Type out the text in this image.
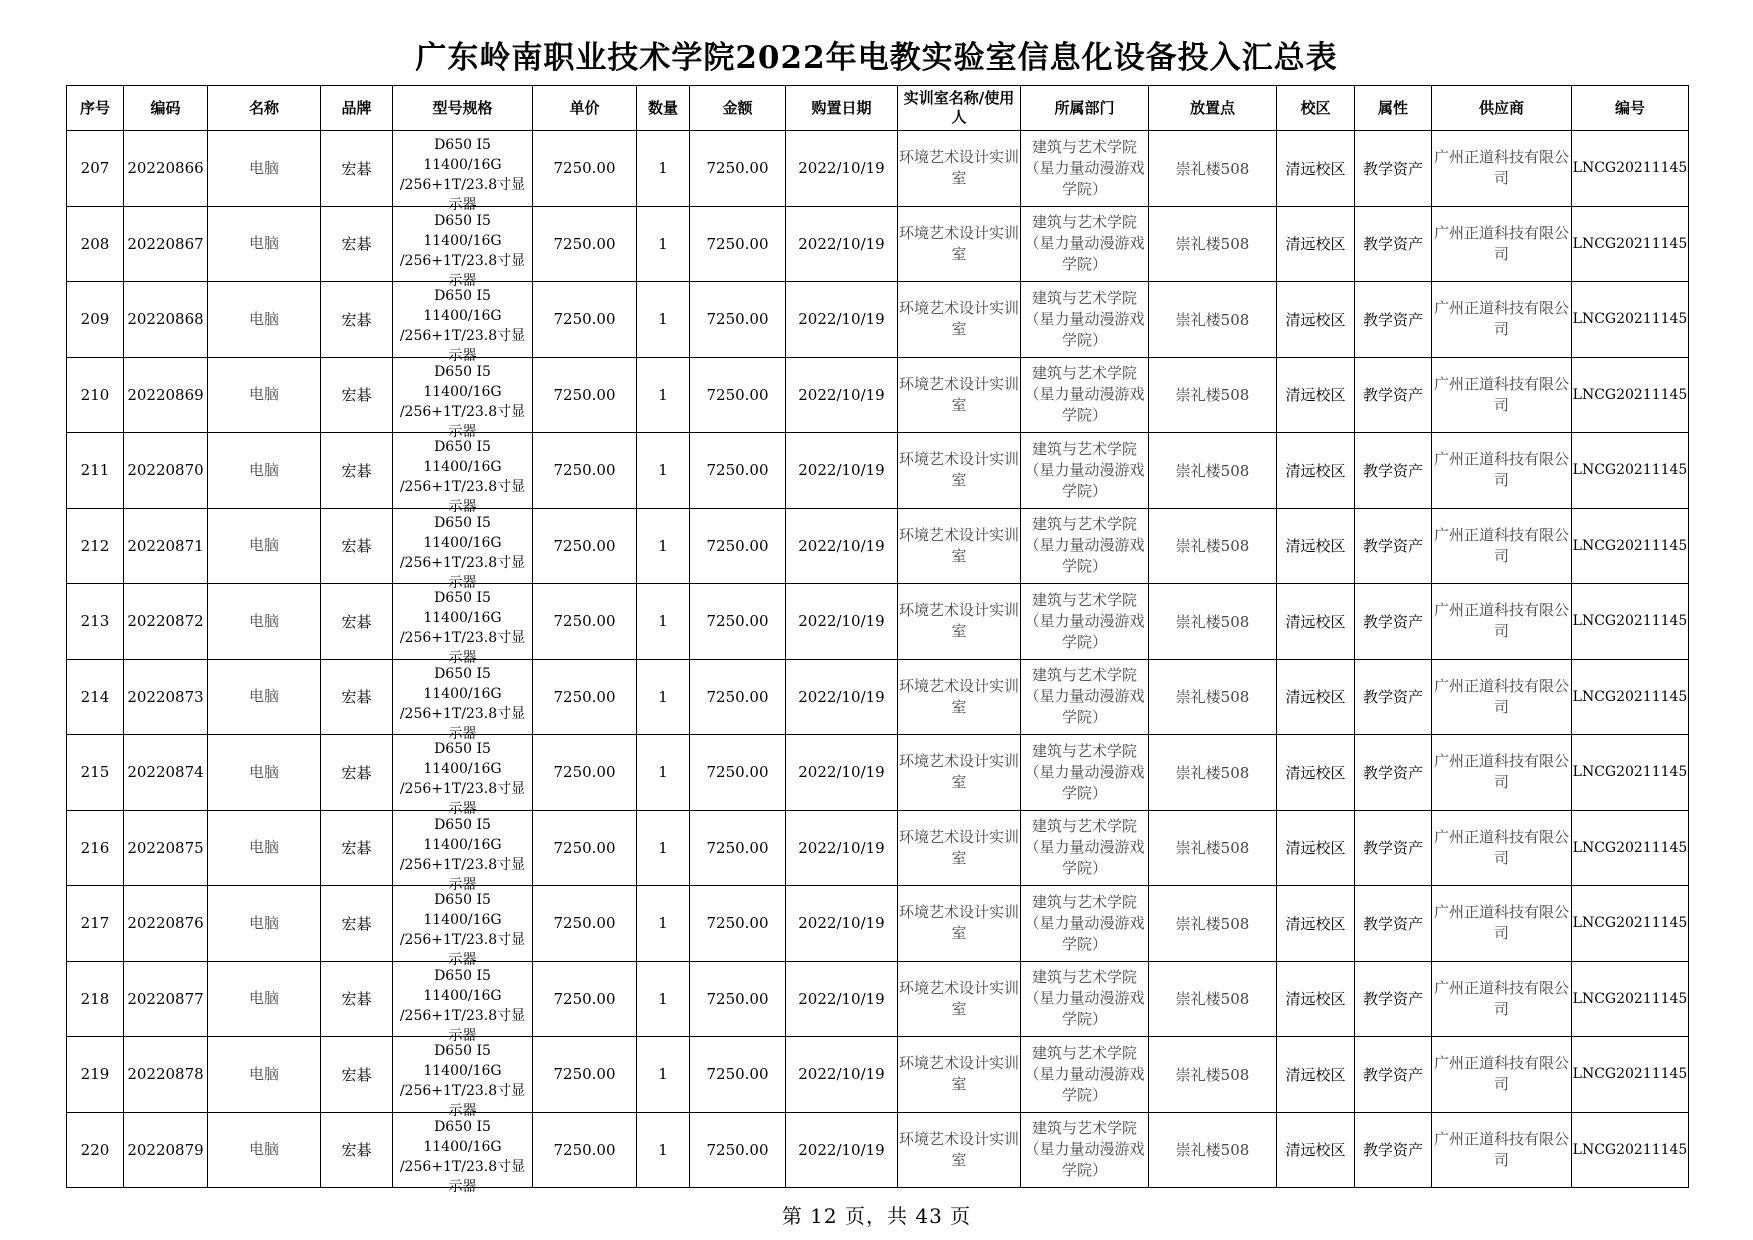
广东岭南职业技术学院2022年电教实验室信息化设备投入汇总表
序号	编码	名称	品牌	型号规格	单价	数量	金额	购置日期	实训室名称/使用人	所属部门	放置点	校区	属性	供应商	编号
207	20220866	电脑	宏碁	D650 I5 11400/16G /256+1T/23.8寸显示器	7250.00	1	7250.00	2022/10/19	环境艺术设计实训室	建筑与艺术学院（星力量动漫游戏学院）	崇礼楼508	清远校区	教学资产	广州正道科技有限公司	LNCG20211145
208	20220867	电脑	宏碁	D650 I5 11400/16G /256+1T/23.8寸显示器	7250.00	1	7250.00	2022/10/19	环境艺术设计实训室	建筑与艺术学院（星力量动漫游戏学院）	崇礼楼508	清远校区	教学资产	广州正道科技有限公司	LNCG20211145
209	20220868	电脑	宏碁	D650 I5 11400/16G /256+1T/23.8寸显示器	7250.00	1	7250.00	2022/10/19	环境艺术设计实训室	建筑与艺术学院（星力量动漫游戏学院）	崇礼楼508	清远校区	教学资产	广州正道科技有限公司	LNCG20211145
210	20220869	电脑	宏碁	D650 I5 11400/16G /256+1T/23.8寸显示器	7250.00	1	7250.00	2022/10/19	环境艺术设计实训室	建筑与艺术学院（星力量动漫游戏学院）	崇礼楼508	清远校区	教学资产	广州正道科技有限公司	LNCG20211145
211	20220870	电脑	宏碁	D650 I5 11400/16G /256+1T/23.8寸显示器	7250.00	1	7250.00	2022/10/19	环境艺术设计实训室	建筑与艺术学院（星力量动漫游戏学院）	崇礼楼508	清远校区	教学资产	广州正道科技有限公司	LNCG20211145
212	20220871	电脑	宏碁	D650 I5 11400/16G /256+1T/23.8寸显示器	7250.00	1	7250.00	2022/10/19	环境艺术设计实训室	建筑与艺术学院（星力量动漫游戏学院）	崇礼楼508	清远校区	教学资产	广州正道科技有限公司	LNCG20211145
213	20220872	电脑	宏碁	D650 I5 11400/16G /256+1T/23.8寸显示器	7250.00	1	7250.00	2022/10/19	环境艺术设计实训室	建筑与艺术学院（星力量动漫游戏学院）	崇礼楼508	清远校区	教学资产	广州正道科技有限公司	LNCG20211145
214	20220873	电脑	宏碁	D650 I5 11400/16G /256+1T/23.8寸显示器	7250.00	1	7250.00	2022/10/19	环境艺术设计实训室	建筑与艺术学院（星力量动漫游戏学院）	崇礼楼508	清远校区	教学资产	广州正道科技有限公司	LNCG20211145
215	20220874	电脑	宏碁	D650 I5 11400/16G /256+1T/23.8寸显示器	7250.00	1	7250.00	2022/10/19	环境艺术设计实训室	建筑与艺术学院（星力量动漫游戏学院）	崇礼楼508	清远校区	教学资产	广州正道科技有限公司	LNCG20211145
216	20220875	电脑	宏碁	D650 I5 11400/16G /256+1T/23.8寸显示器	7250.00	1	7250.00	2022/10/19	环境艺术设计实训室	建筑与艺术学院（星力量动漫游戏学院）	崇礼楼508	清远校区	教学资产	广州正道科技有限公司	LNCG20211145
217	20220876	电脑	宏碁	D650 I5 11400/16G /256+1T/23.8寸显示器	7250.00	1	7250.00	2022/10/19	环境艺术设计实训室	建筑与艺术学院（星力量动漫游戏学院）	崇礼楼508	清远校区	教学资产	广州正道科技有限公司	LNCG20211145
218	20220877	电脑	宏碁	D650 I5 11400/16G /256+1T/23.8寸显示器	7250.00	1	7250.00	2022/10/19	环境艺术设计实训室	建筑与艺术学院（星力量动漫游戏学院）	崇礼楼508	清远校区	教学资产	广州正道科技有限公司	LNCG20211145
219	20220878	电脑	宏碁	D650 I5 11400/16G /256+1T/23.8寸显示器	7250.00	1	7250.00	2022/10/19	环境艺术设计实训室	建筑与艺术学院（星力量动漫游戏学院）	崇礼楼508	清远校区	教学资产	广州正道科技有限公司	LNCG20211145
220	20220879	电脑	宏碁	D650 I5 11400/16G /256+1T/23.8寸显示器	7250.00	1	7250.00	2022/10/19	环境艺术设计实训室	建筑与艺术学院（星力量动漫游戏学院）	崇礼楼508	清远校区	教学资产	广州正道科技有限公司	LNCG20211145
第 12 页，共 43 页
